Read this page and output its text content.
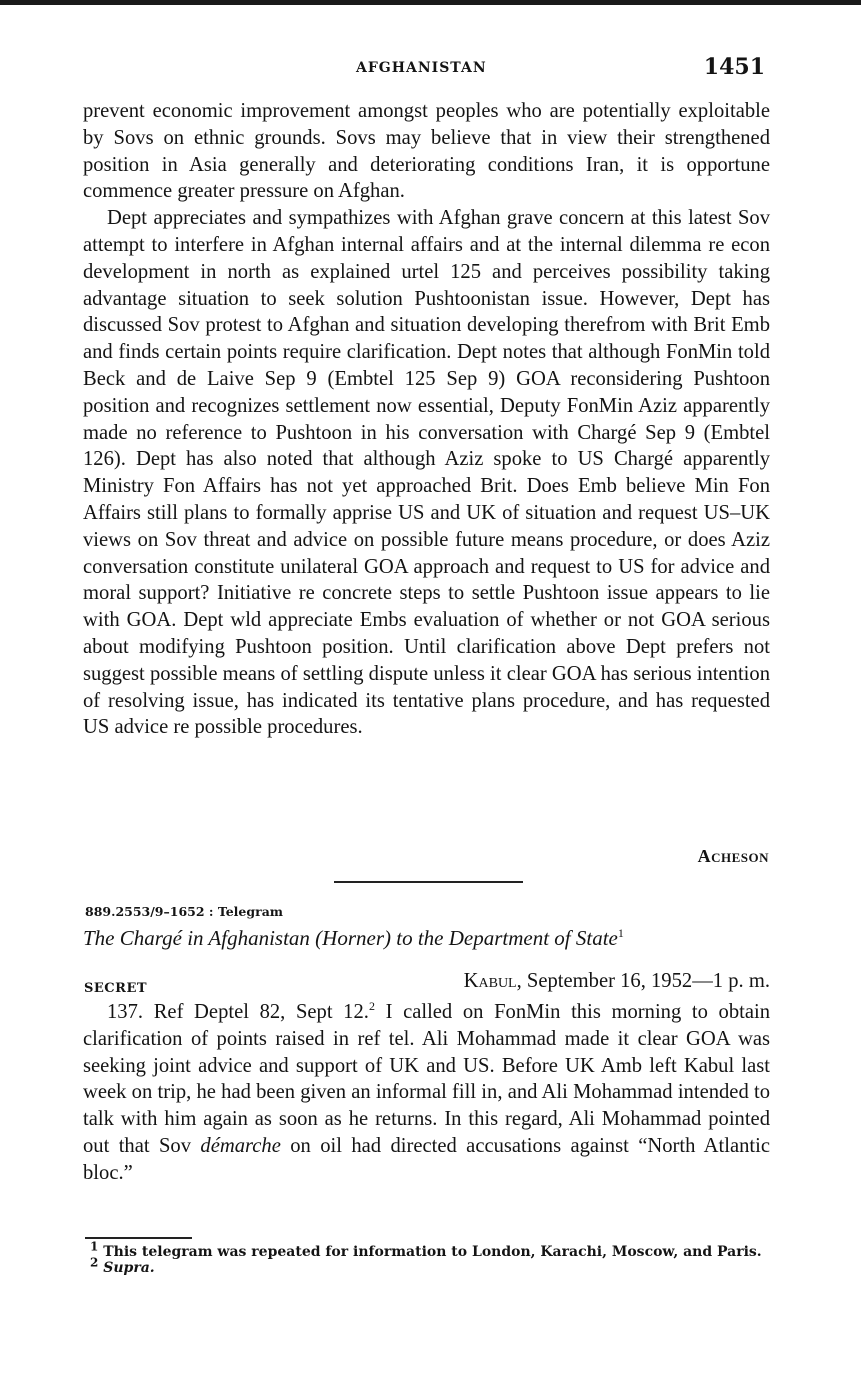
AFGHANISTAN	1451

prevent economic improvement amongst peoples who are potentially exploitable by Sovs on ethnic grounds. Sovs may believe that in view their strengthened position in Asia generally and deteriorating conditions Iran, it is opportune commence greater pressure on Afghan.

Dept appreciates and sympathizes with Afghan grave concern at this latest Sov attempt to interfere in Afghan internal affairs and at the internal dilemma re econ development in north as explained urtel 125 and perceives possibility taking advantage situation to seek solution Pushtoonistan issue. However, Dept has discussed Sov protest to Afghan and situation developing therefrom with Brit Emb and finds certain points require clarification. Dept notes that although FonMin told Beck and de Laive Sep 9 (Embtel 125 Sep 9) GOA reconsidering Pushtoon position and recognizes settlement now essential, Deputy FonMin Aziz apparently made no reference to Pushtoon in his conversation with Chargé Sep 9 (Embtel 126). Dept has also noted that although Aziz spoke to US Chargé apparently Ministry Fon Affairs has not yet approached Brit. Does Emb believe Min Fon Affairs still plans to formally apprise US and UK of situation and request US–UK views on Sov threat and advice on possible future means procedure, or does Aziz conversation constitute unilateral GOA approach and request to US for advice and moral support? Initiative re concrete steps to settle Pushtoon issue appears to lie with GOA. Dept wld appreciate Embs evaluation of whether or not GOA serious about modifying Pushtoon position. Until clarification above Dept prefers not suggest possible means of settling dispute unless it clear GOA has serious intention of resolving issue, has indicated its tentative plans procedure, and has requested US advice re possible procedures.

Acheson
889.2553/9–1652 : Telegram
The Chargé in Afghanistan (Horner) to the Department of State$^1$
SECRET	Kabul, September 16, 1952—1 p. m.

137. Ref Deptel 82, Sept 12.$^2$ I called on FonMin this morning to obtain clarification of points raised in ref tel. Ali Mohammad made it clear GOA was seeking joint advice and support of UK and US. Before UK Amb left Kabul last week on trip, he had been given an informal fill in, and Ali Mohammad intended to talk with him again as soon as he returns. In this regard, Ali Mohammad pointed out that Sov démarche on oil had directed accusations against “North Atlantic bloc.”

1 This telegram was repeated for information to London, Karachi, Moscow, and Paris.

2 Supra.
